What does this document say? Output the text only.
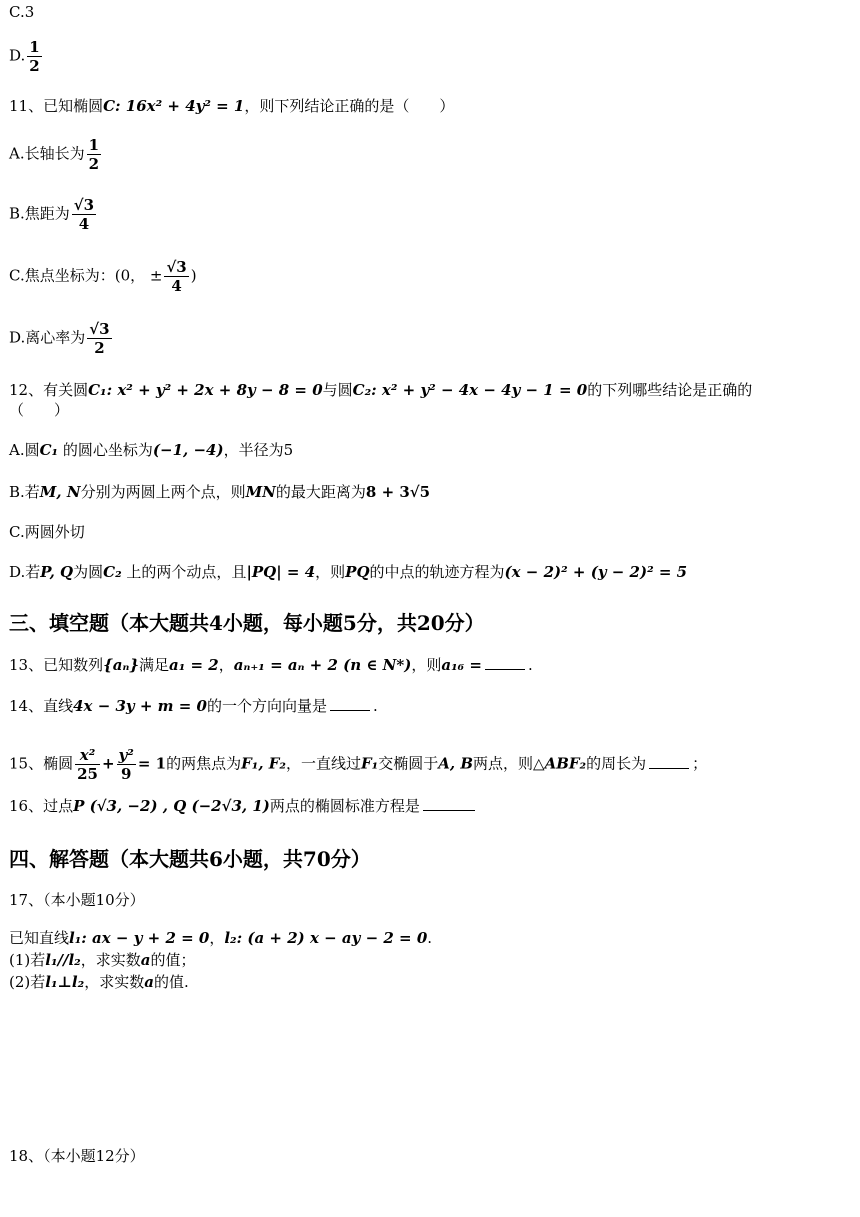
C.3
D. $\frac{1}{2}$
11、已知椭圆C: 16x² + 4y² = 1，则下列结论正确的是（　　）
A.长轴长为 $\frac{1}{2}$
B.焦距为 $\frac{√3}{4}$
C.焦点坐标为：(0， ± $\frac{√3}{4}$ )
D.离心率为 $\frac{√3}{2}$
12、有关圆C₁: x² + y² + 2x + 8y − 8 = 0与圆C₂: x² + y² − 4x − 4y − 1 = 0的下列哪些结论是正确的
（　　）
A.圆C₁ 的圆心坐标为(−1, −4)，半径为5
B.若M, N分别为两圆上两个点，则MN的最大距离为8 + 3√5
C.两圆外切
D.若P, Q为圆C₂ 上的两个动点，且|PQ| = 4，则PQ的中点的轨迹方程为(x − 2)² + (y − 2)² = 5
三、填空题（本大题共4小题，每小题5分，共20分）
13、已知数列{aₙ}满足a₁ = 2，aₙ₊₁ = aₙ + 2 (n ∈ N*)，则a₁₆ =	.
14、直线4x − 3y + m = 0的一个方向向量是	.
15、椭圆 $\frac{\text{x²}}{25} + \frac{\text{y²}}{9} = 1$的两焦点为F₁, F₂，一直线过F₁交椭圆于A, B两点，则△ABF₂的周长为	；
16、过点P (√3, −2) , Q (−2√3, 1)两点的椭圆标准方程是
四、解答题（本大题共6小题，共70分）
17、（本小题10分）
已知直线l₁: ax − y + 2 = 0，l₂: (a + 2) x − ay − 2 = 0.
(1)若l₁//l₂，求实数a的值；
(2)若l₁⊥l₂，求实数a的值.
18、（本小题12分）
